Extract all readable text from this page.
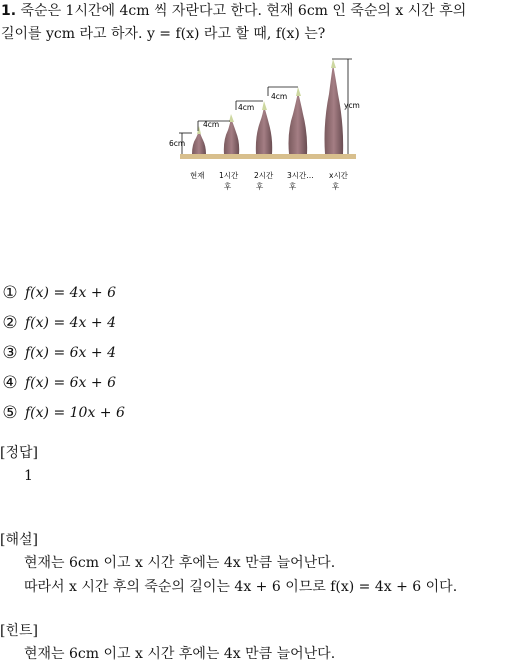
1. 죽순은 1시간에 4cm 씩 자란다고 한다. 현재 6cm 인 죽순의 x 시간 후의
길이를 ycm 라고 하자. y = f(x) 라고 할 때, f(x) 는?
6cm
4cm
4cm
4cm
ycm
현재 1시간
후
2시간
후
3시간…
후
x시간
후
① f(x) = 4x + 6
② f(x) = 4x + 4
③ f(x) = 6x + 4
④ f(x) = 6x + 6
⑤ f(x) = 10x + 6
[정답]
1
[해설]
현재는 6cm 이고 x 시간 후에는 4x 만큼 늘어난다.
따라서 x 시간 후의 죽순의 길이는 4x + 6 이므로 f(x) = 4x + 6 이다.
[힌트]
현재는 6cm 이고 x 시간 후에는 4x 만큼 늘어난다.
